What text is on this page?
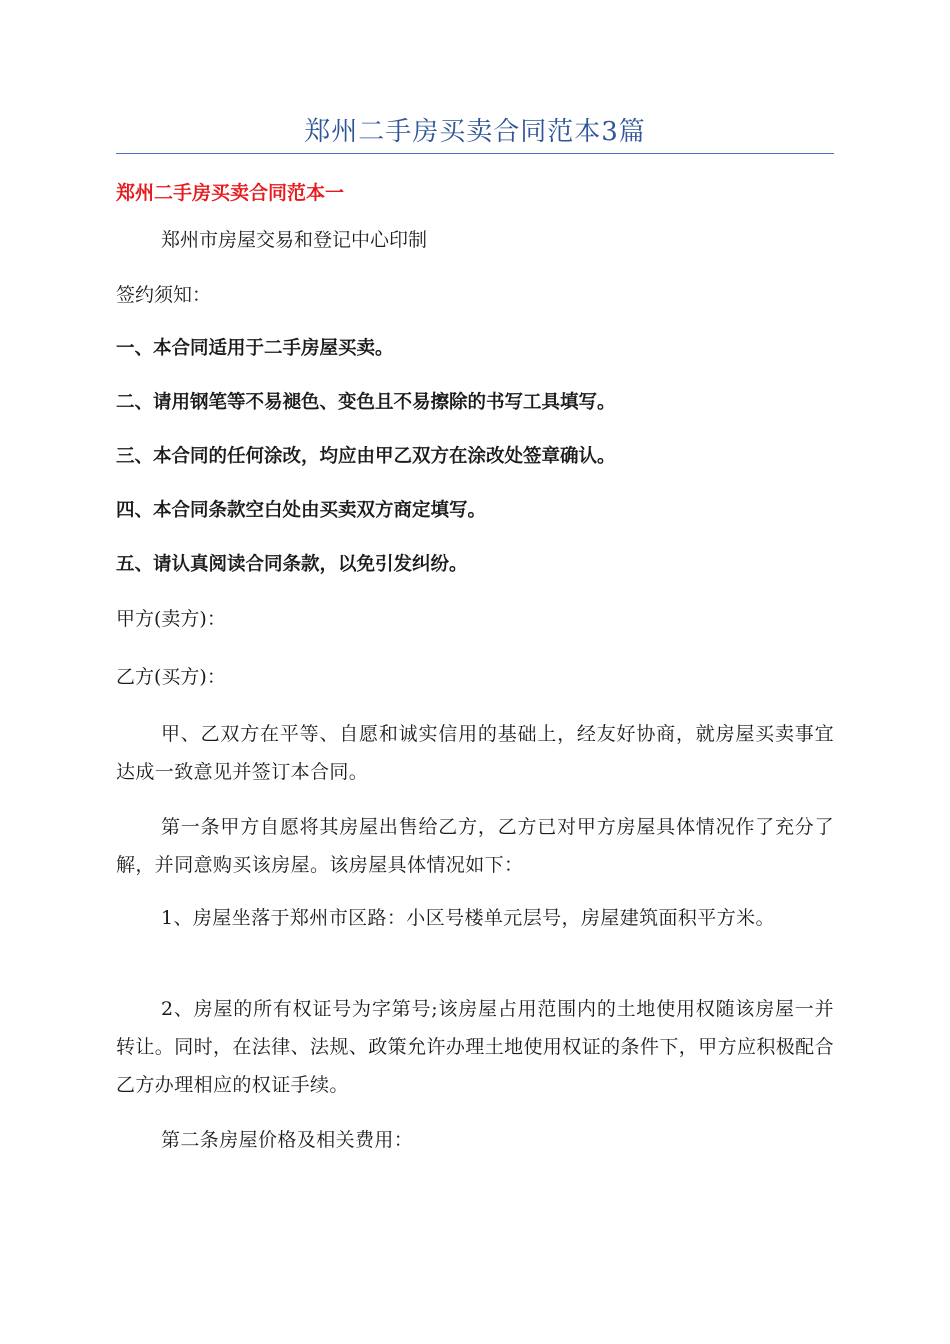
郑州二手房买卖合同范本3篇
郑州二手房买卖合同范本一
郑州市房屋交易和登记中心印制
签约须知：
一、本合同适用于二手房屋买卖。
二、请用钢笔等不易褪色、变色且不易擦除的书写工具填写。
三、本合同的任何涂改，均应由甲乙双方在涂改处签章确认。
四、本合同条款空白处由买卖双方商定填写。
五、请认真阅读合同条款，以免引发纠纷。
甲方(卖方)：
乙方(买方)：
甲、乙双方在平等、自愿和诚实信用的基础上，经友好协商，就房屋买卖事宜达成一致意见并签订本合同。
第一条甲方自愿将其房屋出售给乙方，乙方已对甲方房屋具体情况作了充分了解，并同意购买该房屋。该房屋具体情况如下：
1、房屋坐落于郑州市区路：小区号楼单元层号，房屋建筑面积平方米。
2、房屋的所有权证号为字第号;该房屋占用范围内的土地使用权随该房屋一并转让。同时，在法律、法规、政策允许办理土地使用权证的条件下，甲方应积极配合乙方办理相应的权证手续。
第二条房屋价格及相关费用：
